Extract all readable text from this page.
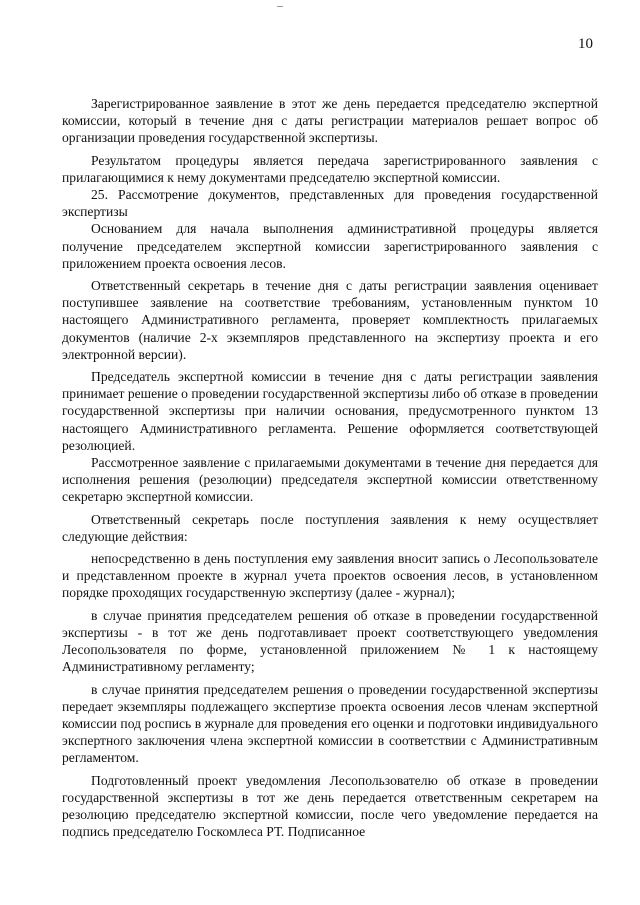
10

Зарегистрированное заявление в этот же день передается председателю экспертной комиссии, который в течение дня с даты регистрации материалов решает вопрос об организации проведения государственной экспертизы.

Результатом процедуры является передача зарегистрированного заявления с прилагающимися к нему документами председателю экспертной комиссии.

25. Рассмотрение документов, представленных для проведения государственной экспертизы

Основанием для начала выполнения административной процедуры является получение председателем экспертной комиссии зарегистрированного заявления с приложением проекта освоения лесов.

Ответственный секретарь в течение дня с даты регистрации заявления оценивает поступившее заявление на соответствие требованиям, установленным пунктом 10 настоящего Административного регламента, проверяет комплектность прилагаемых документов (наличие 2-х экземпляров представленного на экспертизу проекта и его электронной версии).

Председатель экспертной комиссии в течение дня с даты регистрации заявления принимает решение о проведении государственной экспертизы либо об отказе в проведении государственной экспертизы при наличии основания, предусмотренного пунктом 13 настоящего Административного регламента. Решение оформляется соответствующей резолюцией.

Рассмотренное заявление с прилагаемыми документами в течение дня передается для исполнения решения (резолюции) председателя экспертной комиссии ответственному секретарю экспертной комиссии.

Ответственный секретарь после поступления заявления к нему осуществляет следующие действия:

непосредственно в день поступления ему заявления вносит запись о Лесопользователе и представленном проекте в журнал учета проектов освоения лесов, в установленном порядке проходящих государственную экспертизу (далее - журнал);

в случае принятия председателем решения об отказе в проведении государственной экспертизы - в тот же день подготавливает проект соответствующего уведомления Лесопользователя по форме, установленной приложением № 1 к настоящему Административному регламенту;

в случае принятия председателем решения о проведении государственной экспертизы передает экземпляры подлежащего экспертизе проекта освоения лесов членам экспертной комиссии под роспись в журнале для проведения его оценки и подготовки индивидуального экспертного заключения члена экспертной комиссии в соответствии с Административным регламентом.

Подготовленный проект уведомления Лесопользователю об отказе в проведении государственной экспертизы в тот же день передается ответственным секретарем на резолюцию председателю экспертной комиссии, после чего уведомление передается на подпись председателю Госкомлеса РТ. Подписанное
